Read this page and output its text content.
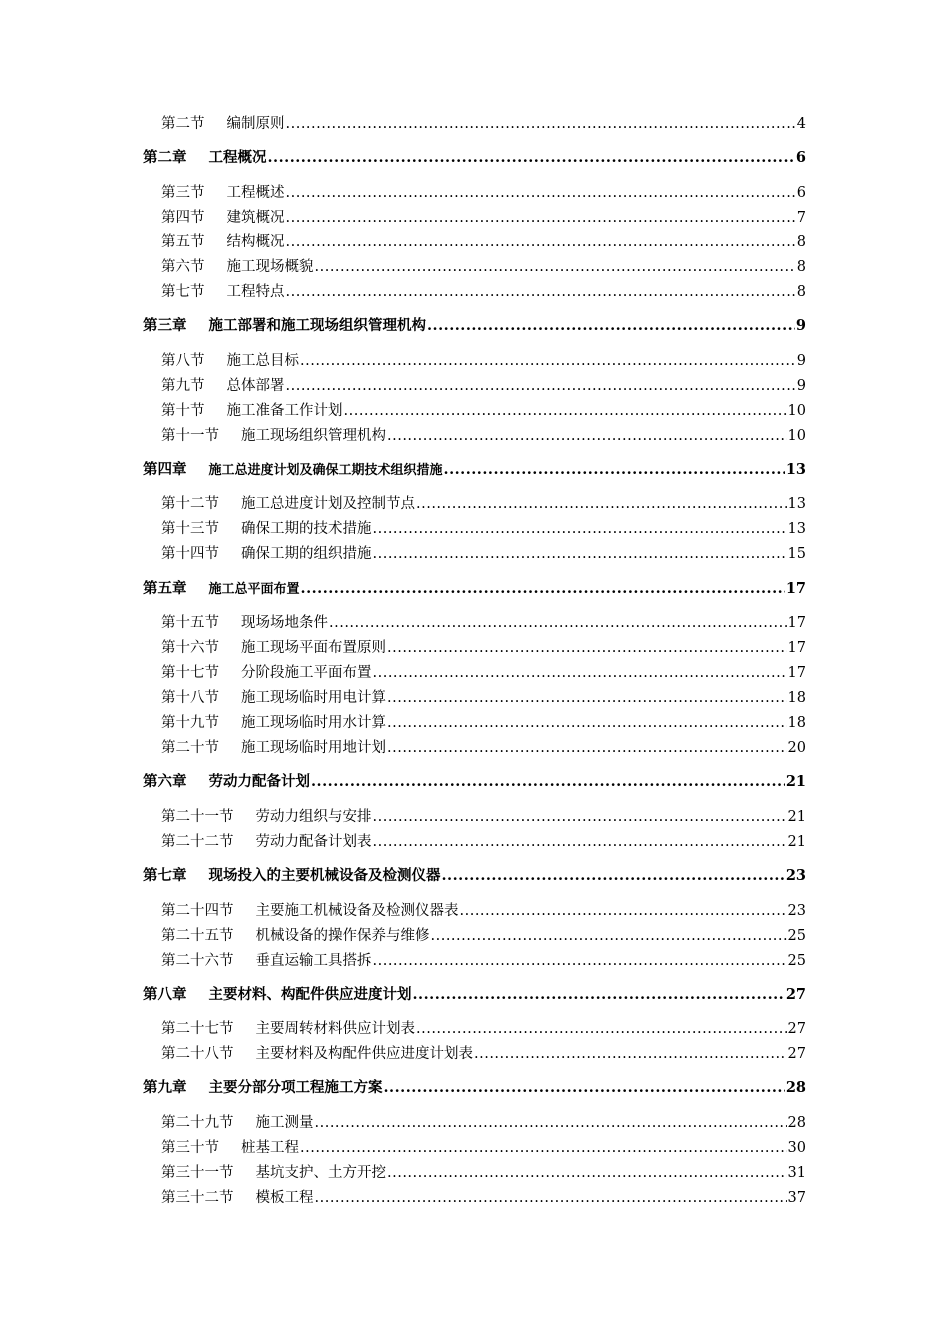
第二节 编制原则 .....	4
第二章 工程概况 .....	6
第三节 工程概述 .....	6
第四节 建筑概况 .....	7
第五节 结构概况 .....	8
第六节 施工现场概貌 .....	8
第七节 工程特点 .....	8
第三章 施工部署和施工现场组织管理机构 .....	9
第八节 施工总目标 .....	9
第九节 总体部署 .....	9
第十节 施工准备工作计划 .....	10
第十一节 施工现场组织管理机构 .....	10
第四章 施工总进度计划及确保工期技术组织措施 .....	13
第十二节 施工总进度计划及控制节点 .....	13
第十三节 确保工期的技术措施 .....	13
第十四节 确保工期的组织措施 .....	15
第五章 施工总平面布置 .....	17
第十五节 现场场地条件 .....	17
第十六节 施工现场平面布置原则 .....	17
第十七节 分阶段施工平面布置 .....	17
第十八节 施工现场临时用电计算 .....	18
第十九节 施工现场临时用水计算 .....	18
第二十节 施工现场临时用地计划 .....	20
第六章 劳动力配备计划 .....	21
第二十一节 劳动力组织与安排 .....	21
第二十二节 劳动力配备计划表 .....	21
第七章 现场投入的主要机械设备及检测仪器 .....	23
第二十四节 主要施工机械设备及检测仪器表 .....	23
第二十五节 机械设备的操作保养与维修 .....	25
第二十六节 垂直运输工具搭拆 .....	25
第八章 主要材料、构配件供应进度计划 .....	27
第二十七节 主要周转材料供应计划表 .....	27
第二十八节 主要材料及构配件供应进度计划表 .....	27
第九章 主要分部分项工程施工方案 .....	28
第二十九节 施工测量 .....	28
第三十节 桩基工程 .....	30
第三十一节 基坑支护、土方开挖 .....	31
第三十二节 模板工程 .....	37
